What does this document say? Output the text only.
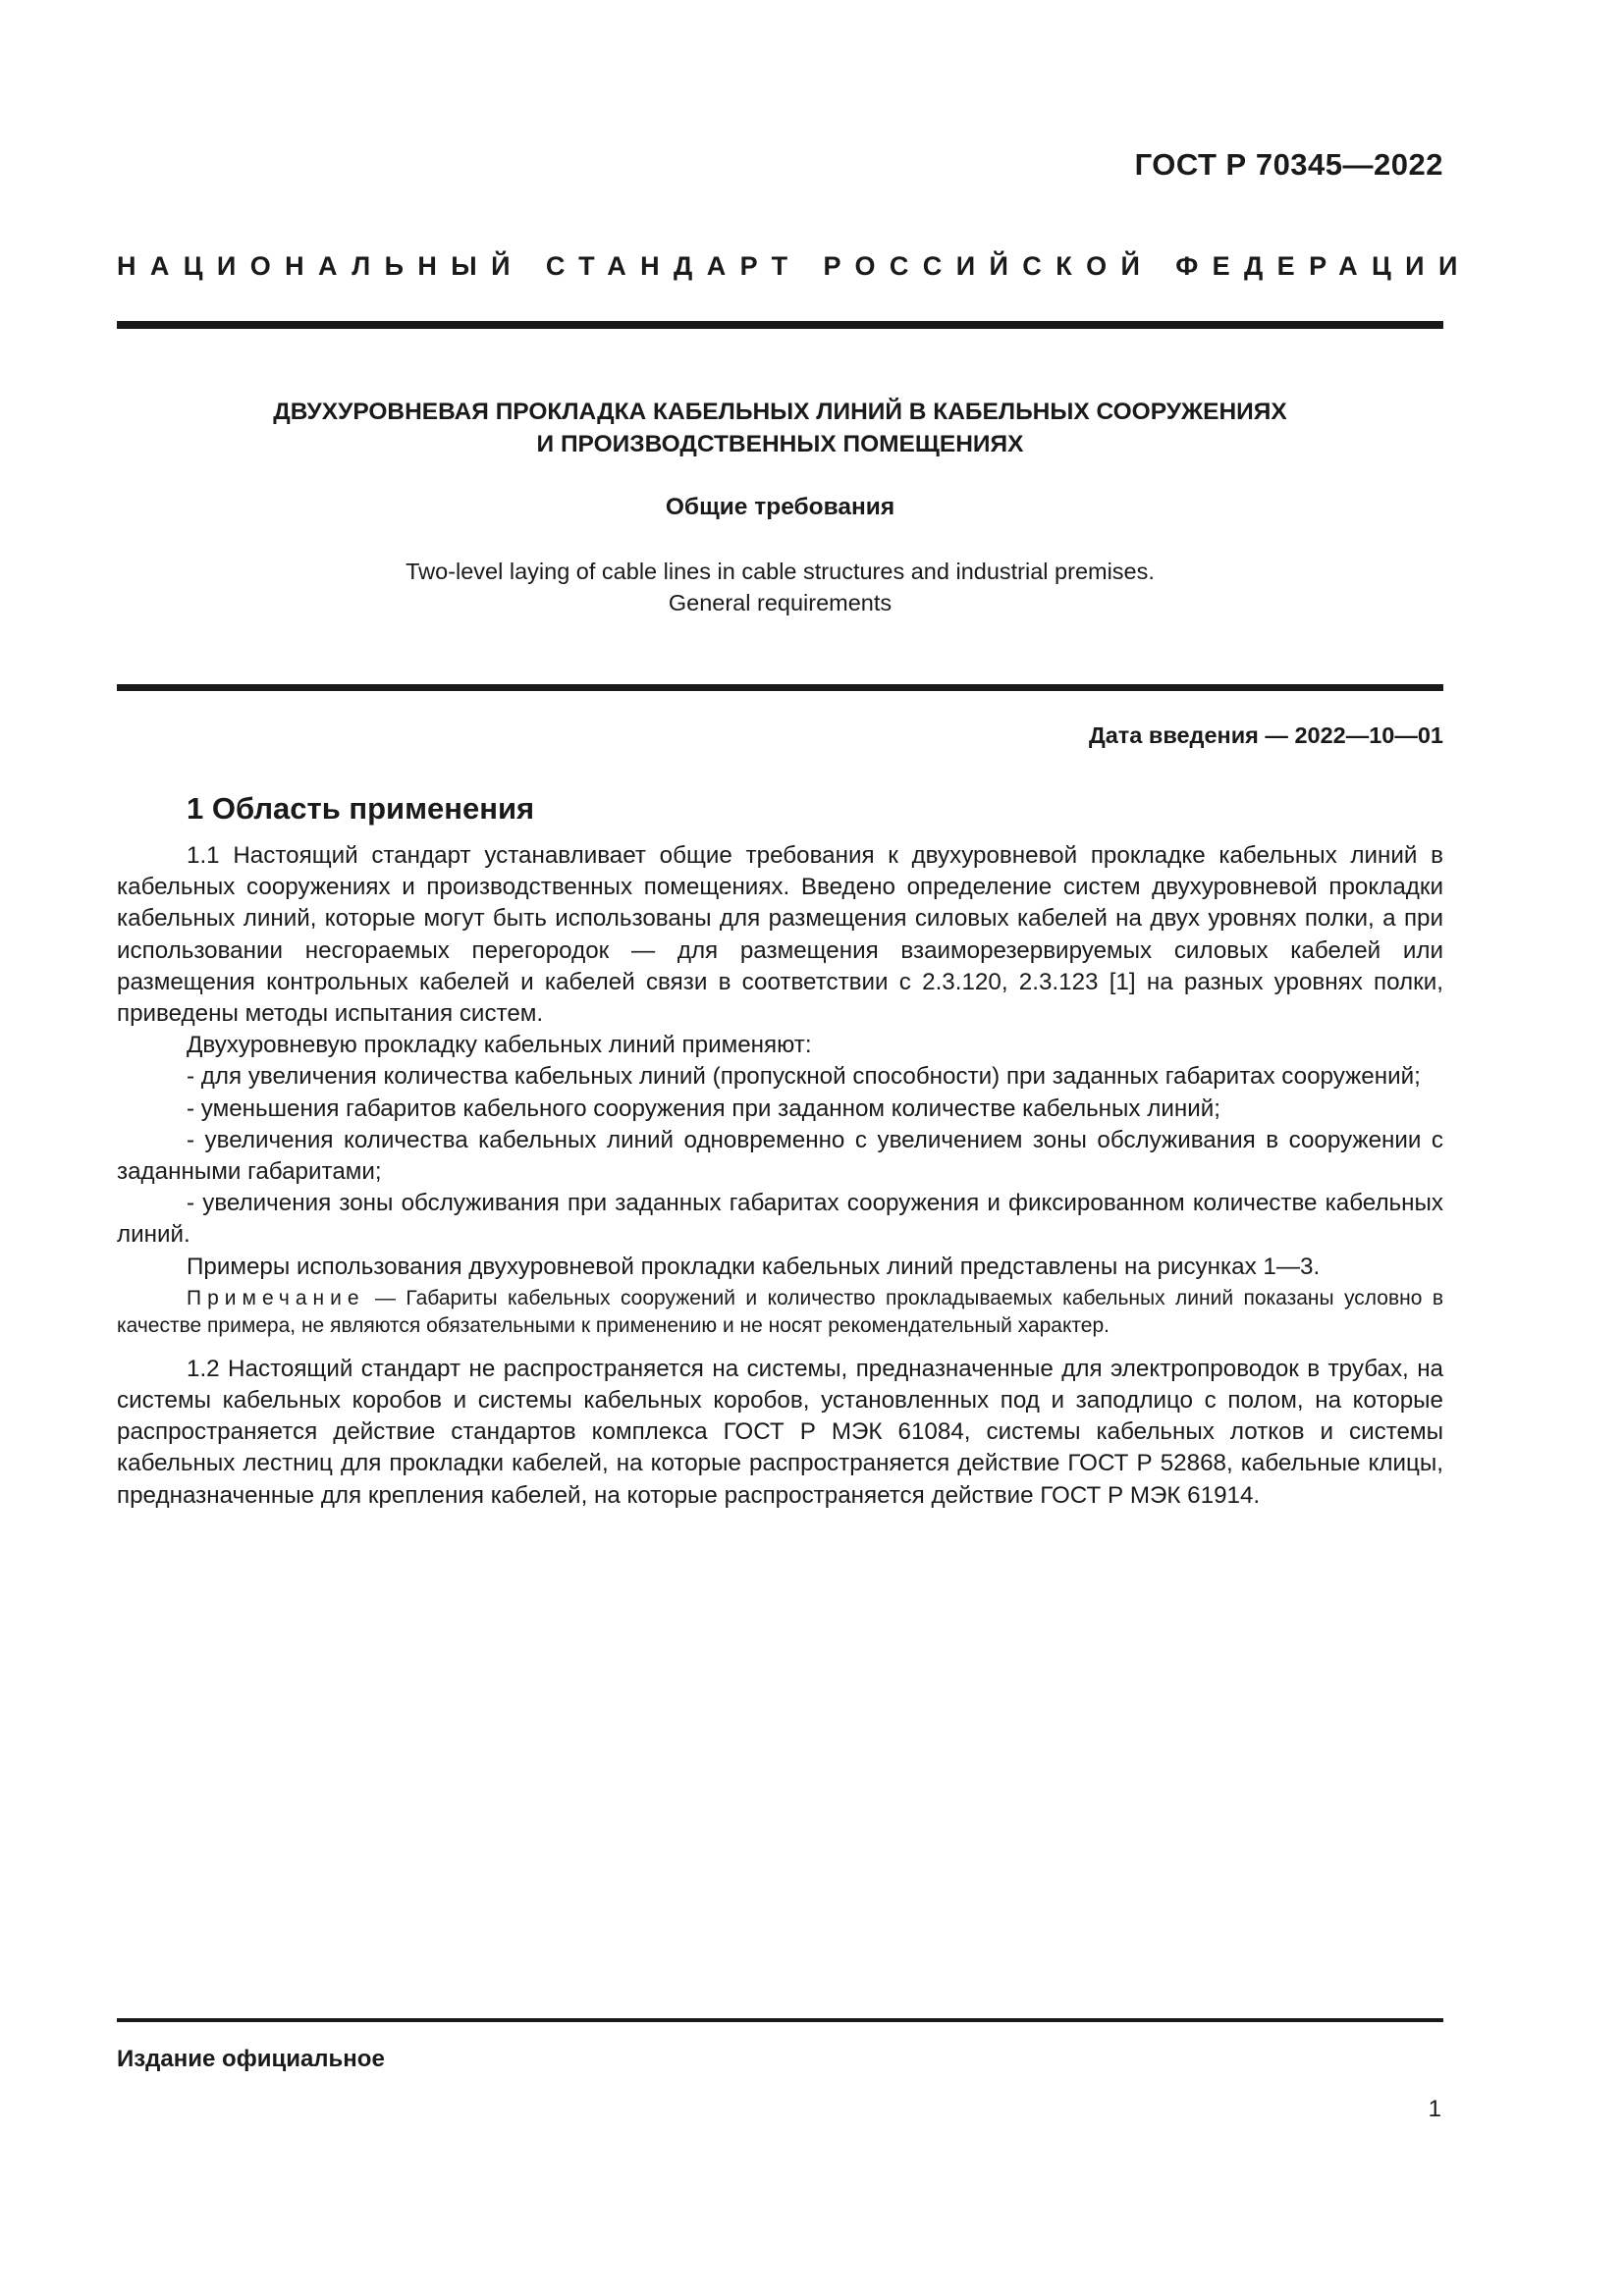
ГОСТ Р 70345—2022
НАЦИОНАЛЬНЫЙ СТАНДАРТ РОССИЙСКОЙ ФЕДЕРАЦИИ
ДВУХУРОВНЕВАЯ ПРОКЛАДКА КАБЕЛЬНЫХ ЛИНИЙ В КАБЕЛЬНЫХ СООРУЖЕНИЯХ
И ПРОИЗВОДСТВЕННЫХ ПОМЕЩЕНИЯХ
Общие требования
Two-level laying of cable lines in cable structures and industrial premises.
General requirements
Дата введения — 2022—10—01
1 Область применения

1.1 Настоящий стандарт устанавливает общие требования к двухуровневой прокладке кабельных линий в кабельных сооружениях и производственных помещениях. Введено определение систем двухуровневой прокладки кабельных линий, которые могут быть использованы для размещения силовых кабелей на двух уровнях полки, а при использовании несгораемых перегородок — для размещения взаиморезервируемых силовых кабелей или размещения контрольных кабелей и кабелей связи в соответствии с 2.3.120, 2.3.123 [1] на разных уровнях полки, приведены методы испытания систем.

Двухуровневую прокладку кабельных линий применяют:

- для увеличения количества кабельных линий (пропускной способности) при заданных габаритах сооружений;

- уменьшения габаритов кабельного сооружения при заданном количестве кабельных линий;

- увеличения количества кабельных линий одновременно с увеличением зоны обслуживания в сооружении с заданными габаритами;

- увеличения зоны обслуживания при заданных габаритах сооружения и фиксированном количестве кабельных линий.

Примеры использования двухуровневой прокладки кабельных линий представлены на рисунках 1—3.

Примечание — Габариты кабельных сооружений и количество прокладываемых кабельных линий показаны условно в качестве примера, не являются обязательными к применению и не носят рекомендательный характер.

1.2 Настоящий стандарт не распространяется на системы, предназначенные для электропроводок в трубах, на системы кабельных коробов и системы кабельных коробов, установленных под и заподлицо с полом, на которые распространяется действие стандартов комплекса ГОСТ Р МЭК 61084, системы кабельных лотков и системы кабельных лестниц для прокладки кабелей, на которые распространяется действие ГОСТ Р 52868, кабельные клицы, предназначенные для крепления кабелей, на которые распространяется действие ГОСТ Р МЭК 61914.

Издание официальное
1
